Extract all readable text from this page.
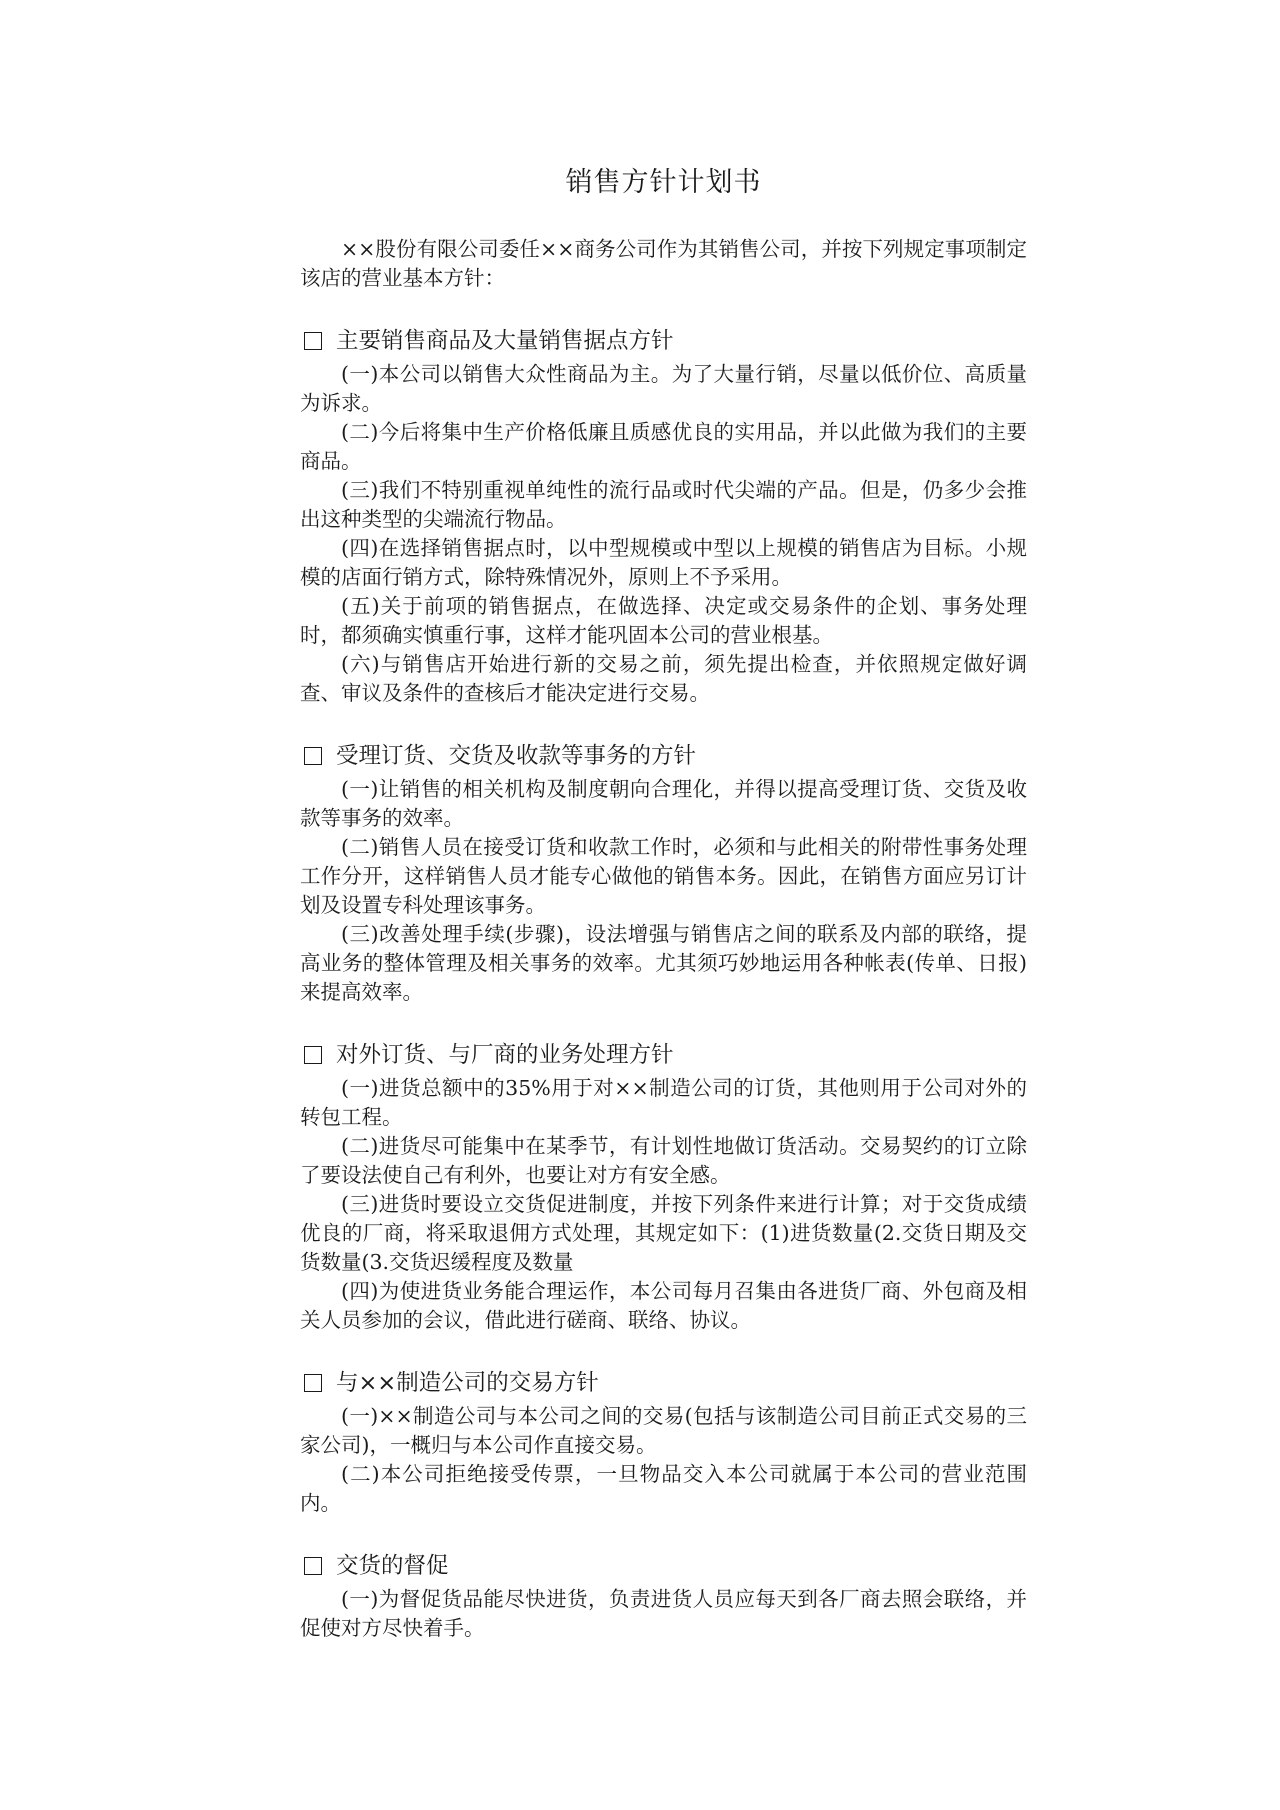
销售方针计划书

××股份有限公司委任××商务公司作为其销售公司，并按下列规定事项制定该店的营业基本方针：

主要销售商品及大量销售据点方针

(一)本公司以销售大众性商品为主。为了大量行销，尽量以低价位、高质量为诉求。

(二)今后将集中生产价格低廉且质感优良的实用品，并以此做为我们的主要商品。

(三)我们不特别重视单纯性的流行品或时代尖端的产品。但是，仍多少会推出这种类型的尖端流行物品。

(四)在选择销售据点时，以中型规模或中型以上规模的销售店为目标。小规模的店面行销方式，除特殊情况外，原则上不予采用。

(五)关于前项的销售据点，在做选择、决定或交易条件的企划、事务处理时，都须确实慎重行事，这样才能巩固本公司的营业根基。

(六)与销售店开始进行新的交易之前，须先提出检查，并依照规定做好调查、审议及条件的查核后才能决定进行交易。

受理订货、交货及收款等事务的方针

(一)让销售的相关机构及制度朝向合理化，并得以提高受理订货、交货及收款等事务的效率。

(二)销售人员在接受订货和收款工作时，必须和与此相关的附带性事务处理工作分开，这样销售人员才能专心做他的销售本务。因此，在销售方面应另订计划及设置专科处理该事务。

(三)改善处理手续(步骤)，设法增强与销售店之间的联系及内部的联络，提高业务的整体管理及相关事务的效率。尤其须巧妙地运用各种帐表(传单、日报)来提高效率。

对外订货、与厂商的业务处理方针

(一)进货总额中的35%用于对××制造公司的订货，其他则用于公司对外的转包工程。

(二)进货尽可能集中在某季节，有计划性地做订货活动。交易契约的订立除了要设法使自己有利外，也要让对方有安全感。

(三)进货时要设立交货促进制度，并按下列条件来进行计算；对于交货成绩优良的厂商，将采取退佣方式处理，其规定如下：(1)进货数量(2.交货日期及交货数量(3.交货迟缓程度及数量

(四)为使进货业务能合理运作，本公司每月召集由各进货厂商、外包商及相关人员参加的会议，借此进行磋商、联络、协议。

与××制造公司的交易方针

(一)××制造公司与本公司之间的交易(包括与该制造公司目前正式交易的三家公司)，一概归与本公司作直接交易。

(二)本公司拒绝接受传票，一旦物品交入本公司就属于本公司的营业范围内。

交货的督促

(一)为督促货品能尽快进货，负责进货人员应每天到各厂商去照会联络，并促使对方尽快着手。
